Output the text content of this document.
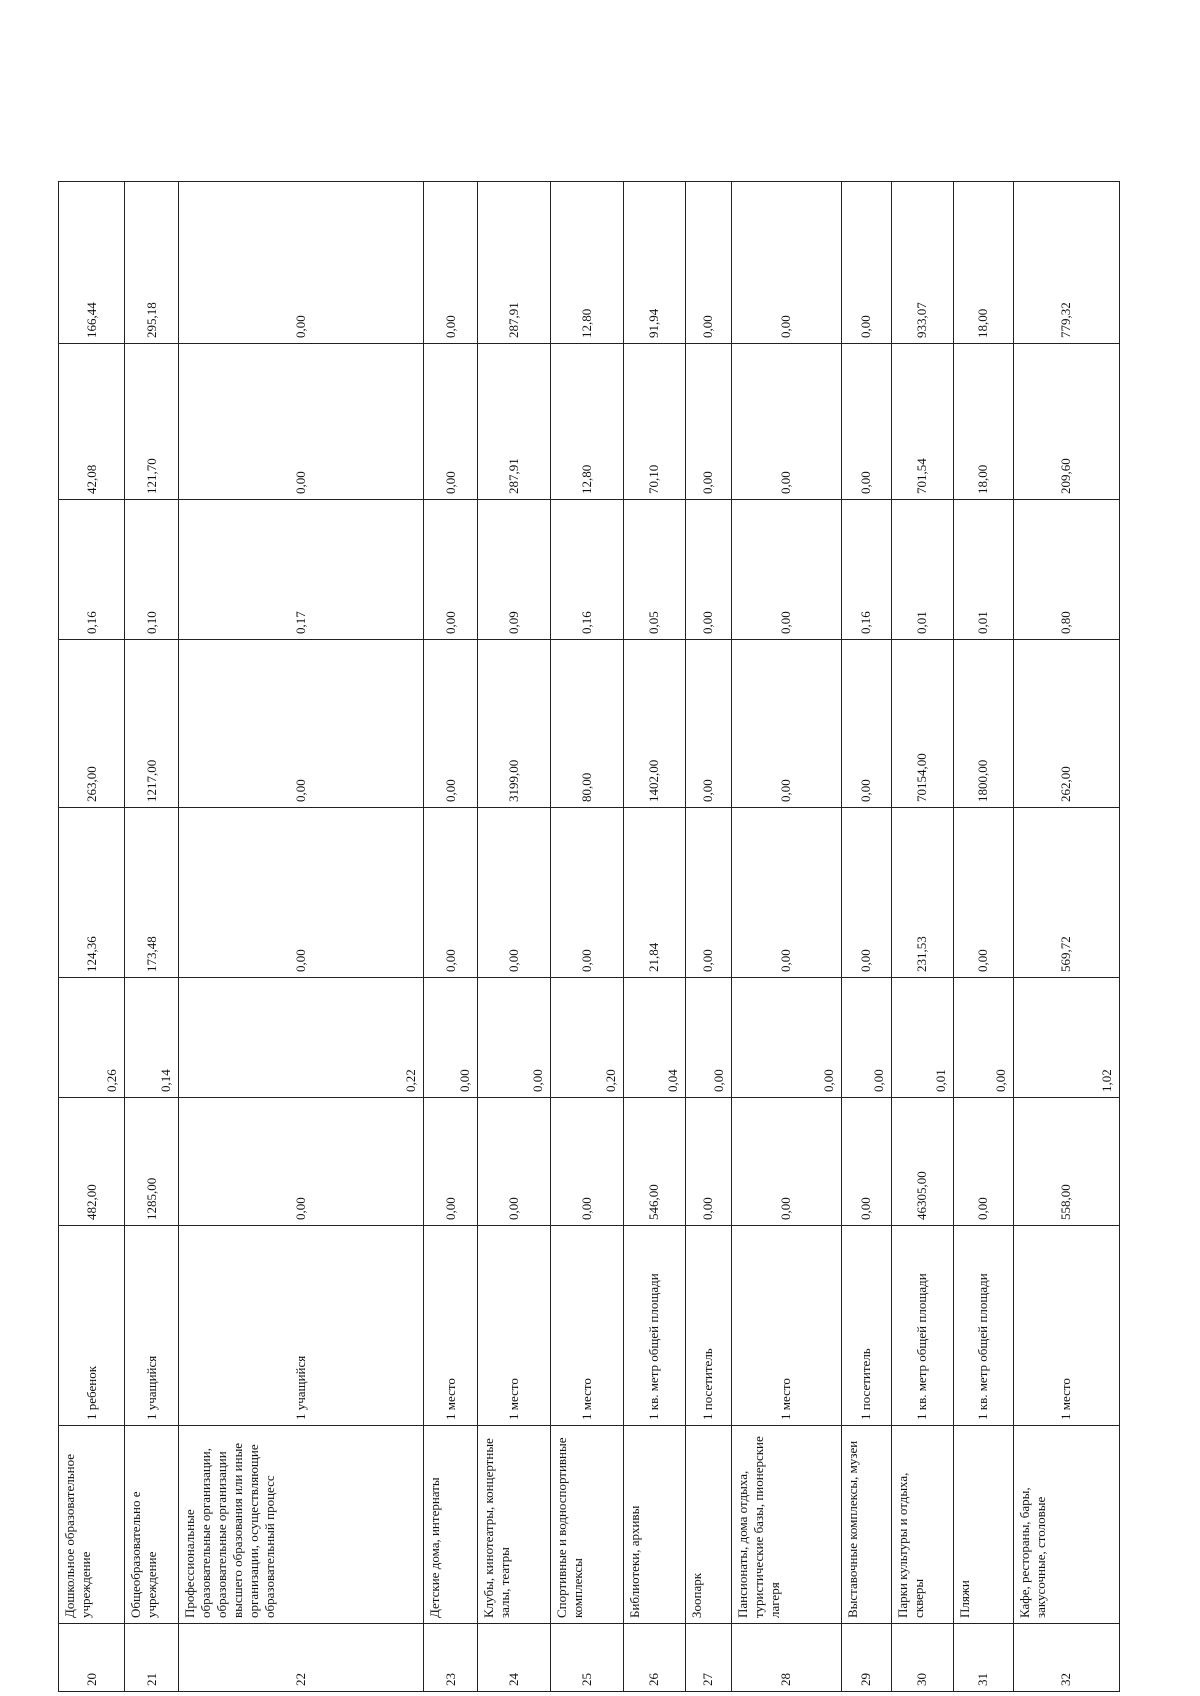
20	Дошкольное образовательное учреждение	1 ребенок	482,00	0,26	124,36	263,00	0,16	42,08	166,44
21	Общеобразовательно е учреждение	1 учащийся	1285,00	0,14	173,48	1217,00	0,10	121,70	295,18
22	Профессиональные образовательные организации, образовательные организации высшего образования или иные организации, осуществляющие образовательный процесс	1 учащийся	0,00	0,22	0,00	0,00	0,17	0,00	0,00
23	Детские дома, интернаты	1 место	0,00	0,00	0,00	0,00	0,00	0,00	0,00
24	Клубы, кинотеатры, концертные залы, театры	1 место	0,00	0,00	0,00	3199,00	0,09	287,91	287,91
25	Спортивные и водноспортивные комплексы	1 место	0,00	0,20	0,00	80,00	0,16	12,80	12,80
26	Библиотеки, архивы	1 кв. метр общей площади	546,00	0,04	21,84	1402,00	0,05	70,10	91,94
27	Зоопарк	1 посетитель	0,00	0,00	0,00	0,00	0,00	0,00	0,00
28	Пансионаты, дома отдыха, туристические базы, пионерские лагеря	1 место	0,00	0,00	0,00	0,00	0,00	0,00	0,00
29	Выставочные комплексы, музеи	1 посетитель	0,00	0,00	0,00	0,00	0,16	0,00	0,00
30	Парки культуры и отдыха, скверы	1 кв. метр общей площади	46305,00	0,01	231,53	70154,00	0,01	701,54	933,07
31	Пляжи	1 кв. метр общей площади	0,00	0,00	0,00	1800,00	0,01	18,00	18,00
32	Кафе, рестораны, бары, закусочные, столовые	1 место	558,00	1,02	569,72	262,00	0,80	209,60	779,32
